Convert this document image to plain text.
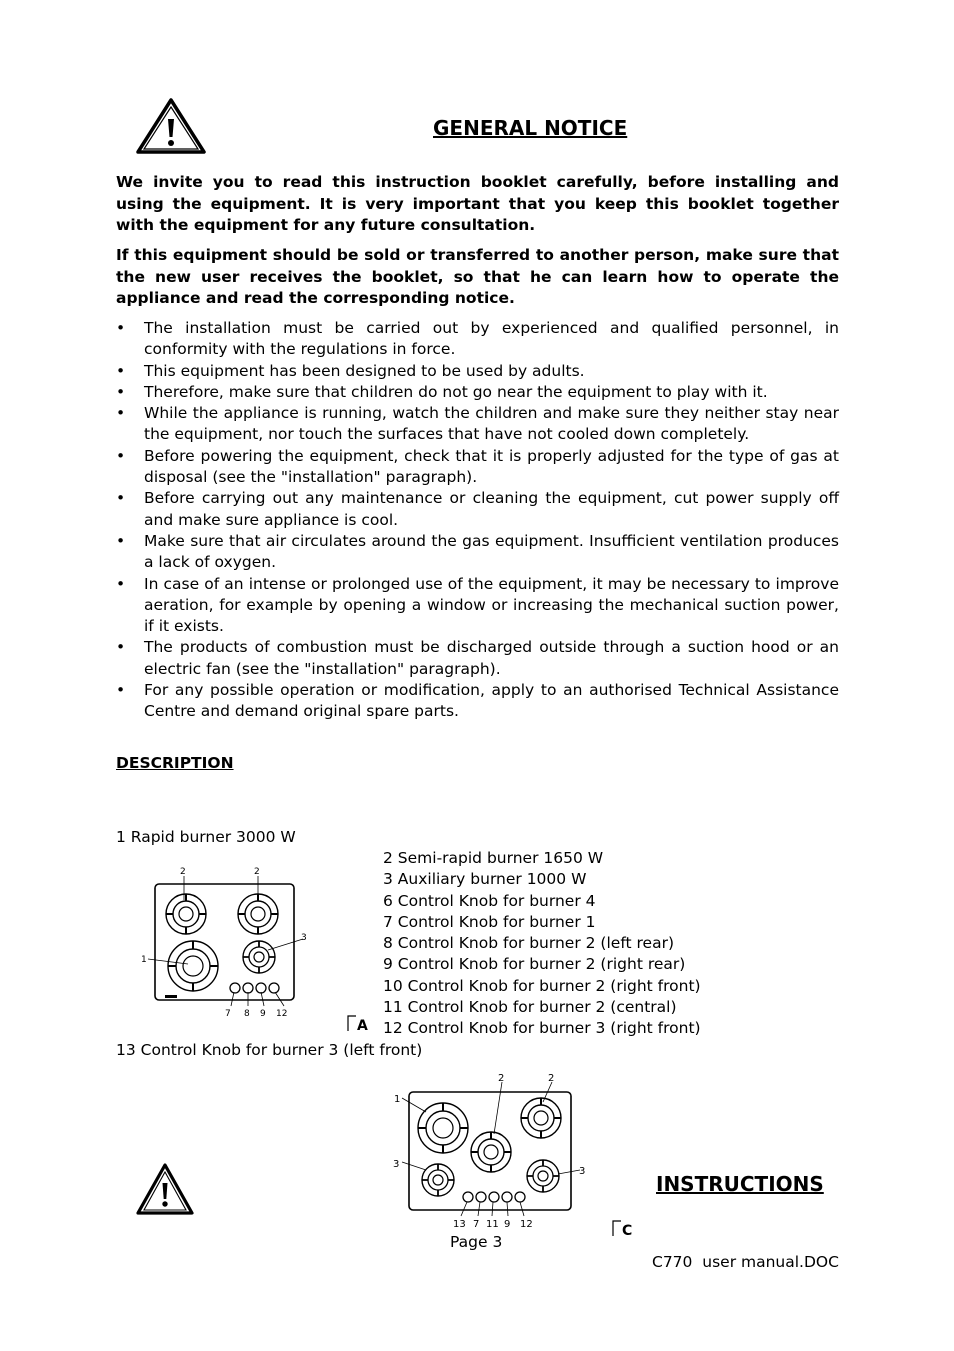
GENERAL NOTICE

We invite you to read this instruction booklet carefully, before installing and using the equipment. It is very important that you keep this booklet together with the equipment for any future consultation.

If this equipment should be sold or transferred to another person, make sure that the new user receives the booklet, so that he can learn how to operate the appliance and read the corresponding notice.

• The installation must be carried out by experienced and qualified personnel, in conformity with the regulations in force.
• This equipment has been designed to be used by adults.
• Therefore, make sure that children do not go near the equipment to play with it.
• While the appliance is running, watch the children and make sure they neither stay near the equipment, nor touch the surfaces that have not cooled down completely.
• Before powering the equipment, check that it is properly adjusted for the type of gas at disposal (see the "installation" paragraph).
• Before carrying out any maintenance or cleaning the equipment, cut power supply off and make sure appliance is cool.
• Make sure that air circulates around the gas equipment. Insufficient ventilation produces a lack of oxygen.
• In case of an intense or prolonged use of the equipment, it may be necessary to improve aeration, for example by opening a window or increasing the mechanical suction power, if it exists.
• The products of combustion must be discharged outside through a suction hood or an electric fan (see the "installation" paragraph).
• For any possible operation or modification, apply to an authorised Technical Assistance Centre and demand original spare parts.
DESCRIPTION
1 Rapid burner 3000 W
2 Semi-rapid burner 1650 W
3 Auxiliary burner 1000 W
6 Control Knob for burner 4
7 Control Knob for burner 1
8 Control Knob for burner 2 (left rear)
9 Control Knob for burner 2 (right rear)
10 Control Knob for burner 2 (right front)
11 Control Knob for burner 2 (central)
12 Control Knob for burner 3 (right front)
13 Control Knob for burner 3 (left front)
2	2
3
1
7 8 9 12
A
2	2
1
3
3
13 7 11 9 12	C
INSTRUCTIONS
Page 3
C770  user manual.DOC
